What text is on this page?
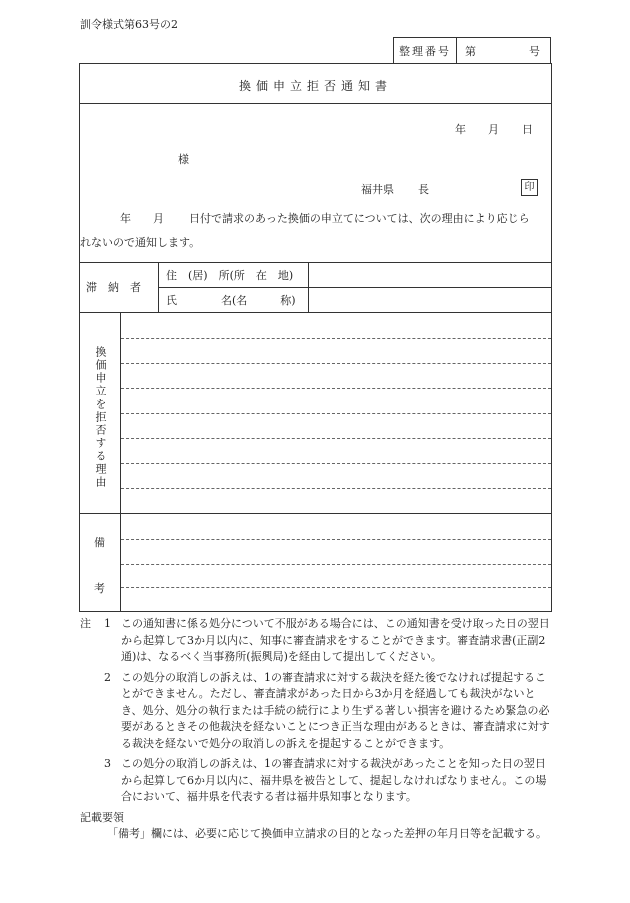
訓令様式第63号の2
整理番号	第	号
換価申立拒否通知書
年 月 日
様
福井県 長	印
年 月 日付で請求のあった換価の申立てについては、次の理由により応じら
れないので通知します。
滞　納　者
住　(居)　所(所　在　地)
氏　　　　名(名　　　称)
換価申立を拒否する理由
備
考
注 1 この通知書に係る処分について不服がある場合には、この通知書を受け取った日の翌日から起算して3か月以内に、知事に審査請求をすることができます。審査請求書(正副2通)は、なるべく当事務所(振興局)を経由して提出してください。
2 この処分の取消しの訴えは、1の審査請求に対する裁決を経た後でなければ提起することができません。ただし、審査請求があった日から3か月を経過しても裁決がないとき、処分、処分の執行または手続の続行により生ずる著しい損害を避けるため緊急の必要があるときその他裁決を経ないことにつき正当な理由があるときは、審査請求に対する裁決を経ないで処分の取消しの訴えを提起することができます。
3 この処分の取消しの訴えは、1の審査請求に対する裁決があったことを知った日の翌日から起算して6か月以内に、福井県を被告として、提起しなければなりません。この場合において、福井県を代表する者は福井県知事となります。
記載要領
「備考」欄には、必要に応じて換価申立請求の目的となった差押の年月日等を記載する。
